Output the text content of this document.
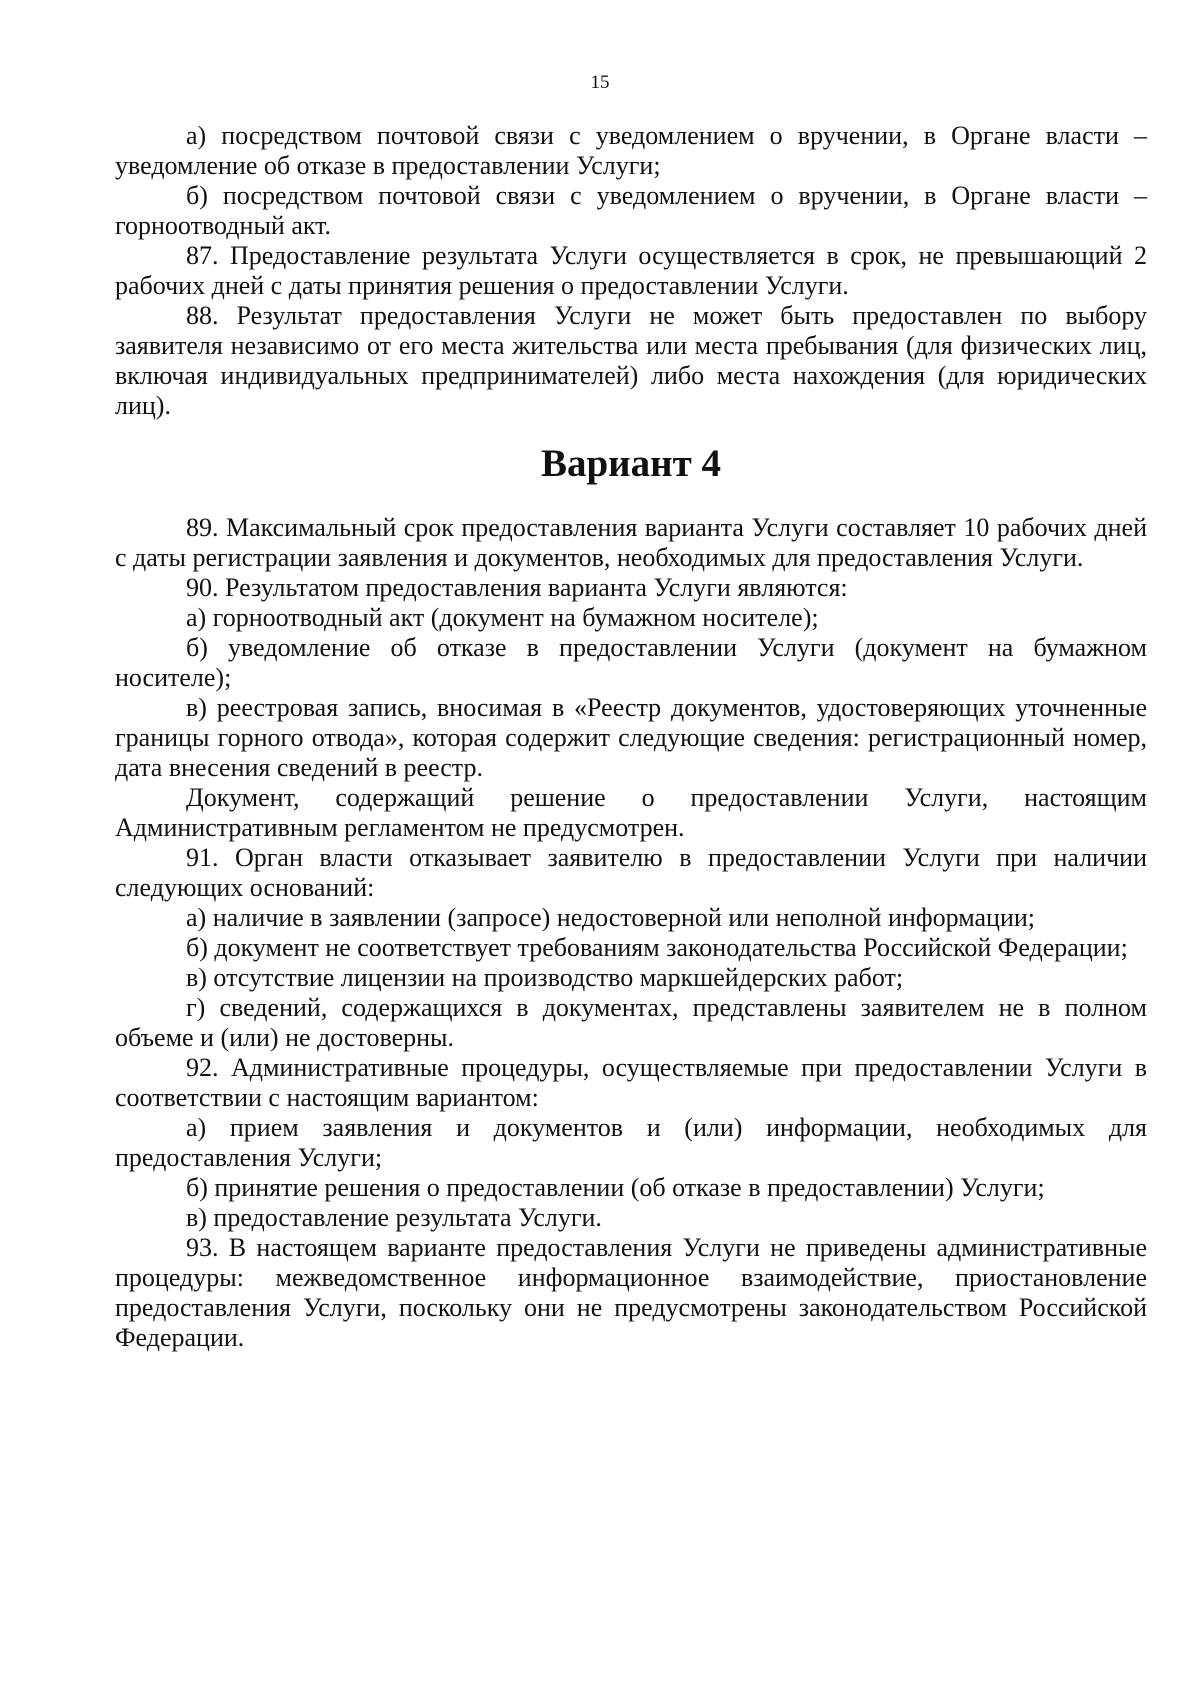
15

а) посредством почтовой связи с уведомлением о вручении, в Органе власти – уведомление об отказе в предоставлении Услуги;

б) посредством почтовой связи с уведомлением о вручении, в Органе власти – горноотводный акт.

87. Предоставление результата Услуги осуществляется в срок, не превышающий 2 рабочих дней с даты принятия решения о предоставлении Услуги.

88. Результат предоставления Услуги не может быть предоставлен по выбору заявителя независимо от его места жительства или места пребывания (для физических лиц, включая индивидуальных предпринимателей) либо места нахождения (для юридических лиц).

Вариант 4

89. Максимальный срок предоставления варианта Услуги составляет 10 рабочих дней с даты регистрации заявления и документов, необходимых для предоставления Услуги.

90. Результатом предоставления варианта Услуги являются:

а) горноотводный акт (документ на бумажном носителе);

б) уведомление об отказе в предоставлении Услуги (документ на бумажном носителе);

в) реестровая запись, вносимая в «Реестр документов, удостоверяющих уточненные границы горного отвода», которая содержит следующие сведения: регистрационный номер, дата внесения сведений в реестр.

Документ, содержащий решение о предоставлении Услуги, настоящим Административным регламентом не предусмотрен.

91. Орган власти отказывает заявителю в предоставлении Услуги при наличии следующих оснований:

а) наличие в заявлении (запросе) недостоверной или неполной информации;

б) документ не соответствует требованиям законодательства Российской Федерации;

в) отсутствие лицензии на производство маркшейдерских работ;

г) сведений, содержащихся в документах, представлены заявителем не в полном объеме и (или) не достоверны.

92. Административные процедуры, осуществляемые при предоставлении Услуги в соответствии с настоящим вариантом:

а) прием заявления и документов и (или) информации, необходимых для предоставления Услуги;

б) принятие решения о предоставлении (об отказе в предоставлении) Услуги;

в) предоставление результата Услуги.

93. В настоящем варианте предоставления Услуги не приведены административные процедуры: межведомственное информационное взаимодействие, приостановление предоставления Услуги, поскольку они не предусмотрены законодательством Российской Федерации.
